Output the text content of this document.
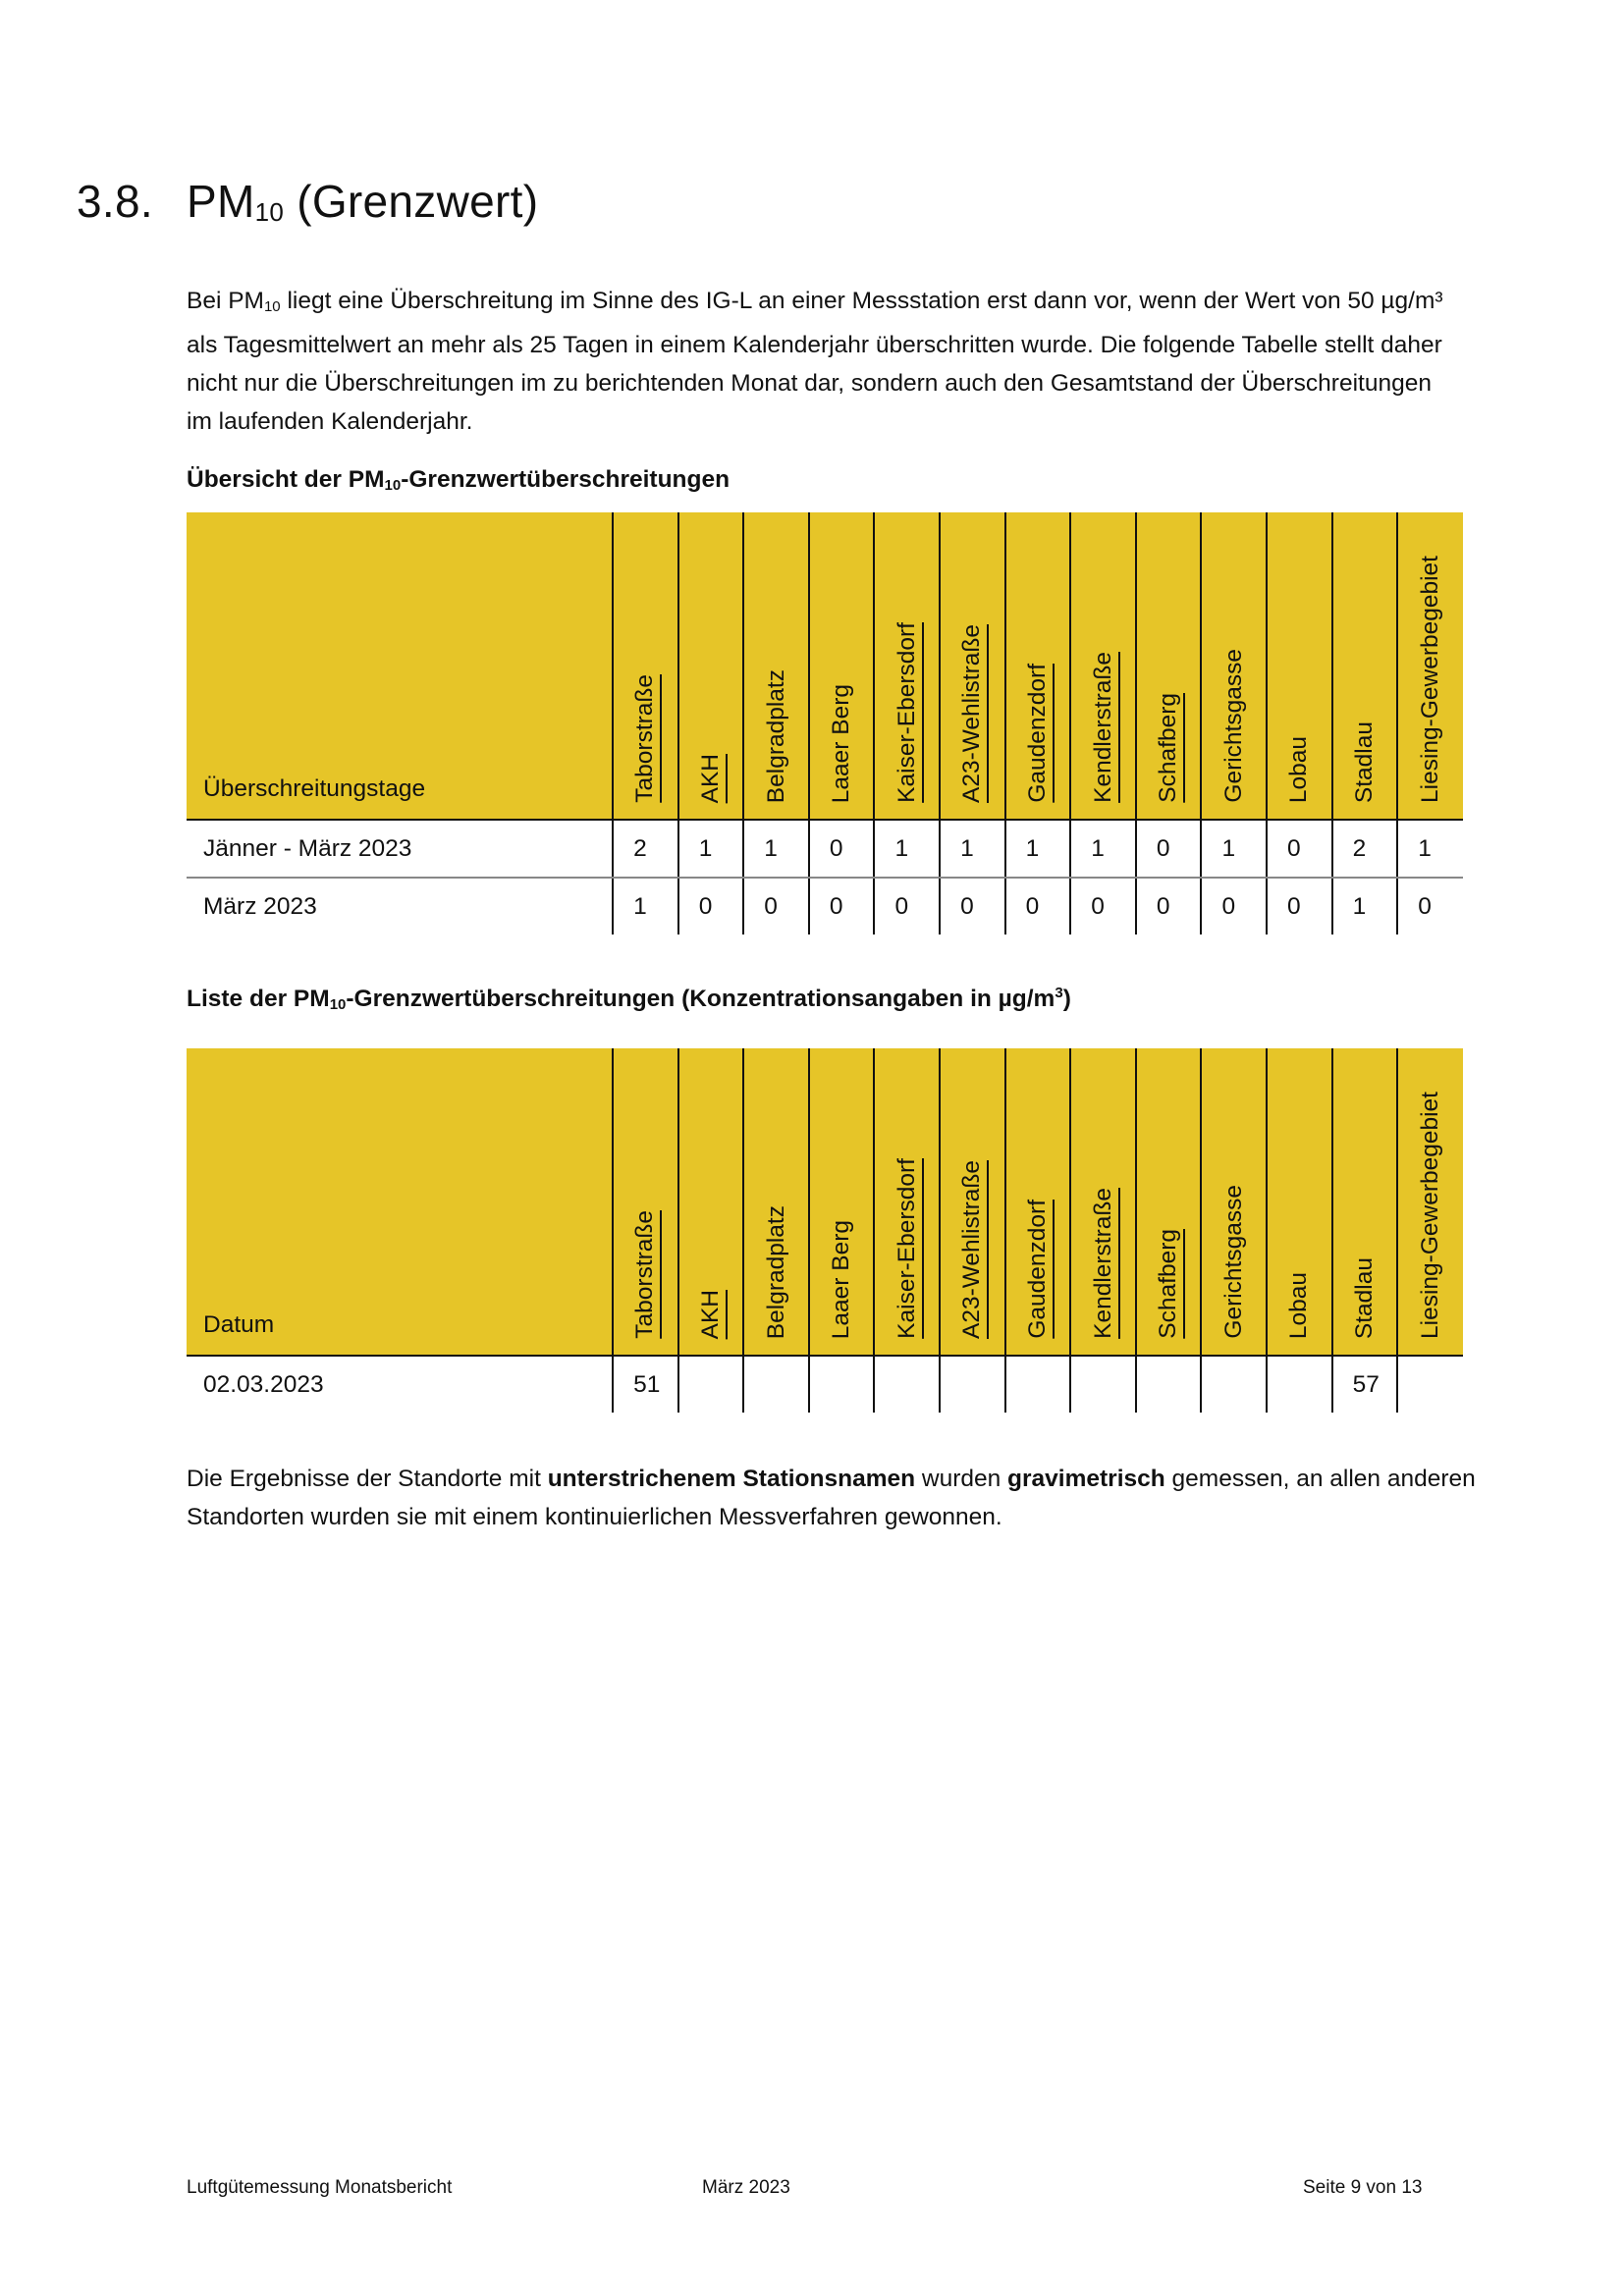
3.8. $PM_{10}$ (Grenzwert)

Bei $PM_{10}$ liegt eine Überschreitung im Sinne des IG-L an einer Messstation erst dann vor, wenn der Wert von 50 µg/m³

als Tagesmittelwert an mehr als 25 Tagen in einem Kalenderjahr überschritten wurde. Die folgende Tabelle stellt daher

nicht nur die Überschreitungen im zu berichtenden Monat dar, sondern auch den Gesamtstand der Überschreitungen

im laufenden Kalenderjahr.

Übersicht der $PM_{10}$-Grenzwertüberschreitungen
Überschreitungstage	Taborstraße	AKH	Belgradplatz	Laaer Berg	Kaiser-Ebersdorf	A23-Wehlistraße	Gaudenzdorf	Kendlerstraße	Schafberg	Gerichtsgasse	Lobau	Stadlau	Liesing-Gewerbegebiet

Jänner - März 2023	2	1	1	0	1	1	1	1	0	1	0	2	1
März 2023	1	0	0	0	0	0	0	0	0	0	0	1	0
Liste der $PM_{10}$-Grenzwertüberschreitungen (Konzentrationsangaben in $\mu g/m^3$)
Datum	Taborstraße	AKH	Belgradplatz	Laaer Berg	Kaiser-Ebersdorf	A23-Wehlistraße	Gaudenzdorf	Kendlerstraße	Schafberg	Gerichtsgasse	Lobau	Stadlau	Liesing-Gewerbegebiet

02.03.2023	51											57	

Die Ergebnisse der Standorte mit unterstrichenem Stationsnamen wurden gravimetrisch gemessen, an allen anderen

Standorten wurden sie mit einem kontinuierlichen Messverfahren gewonnen.

Luftgütemessung Monatsbericht	März 2023	Seite 9 von 13
